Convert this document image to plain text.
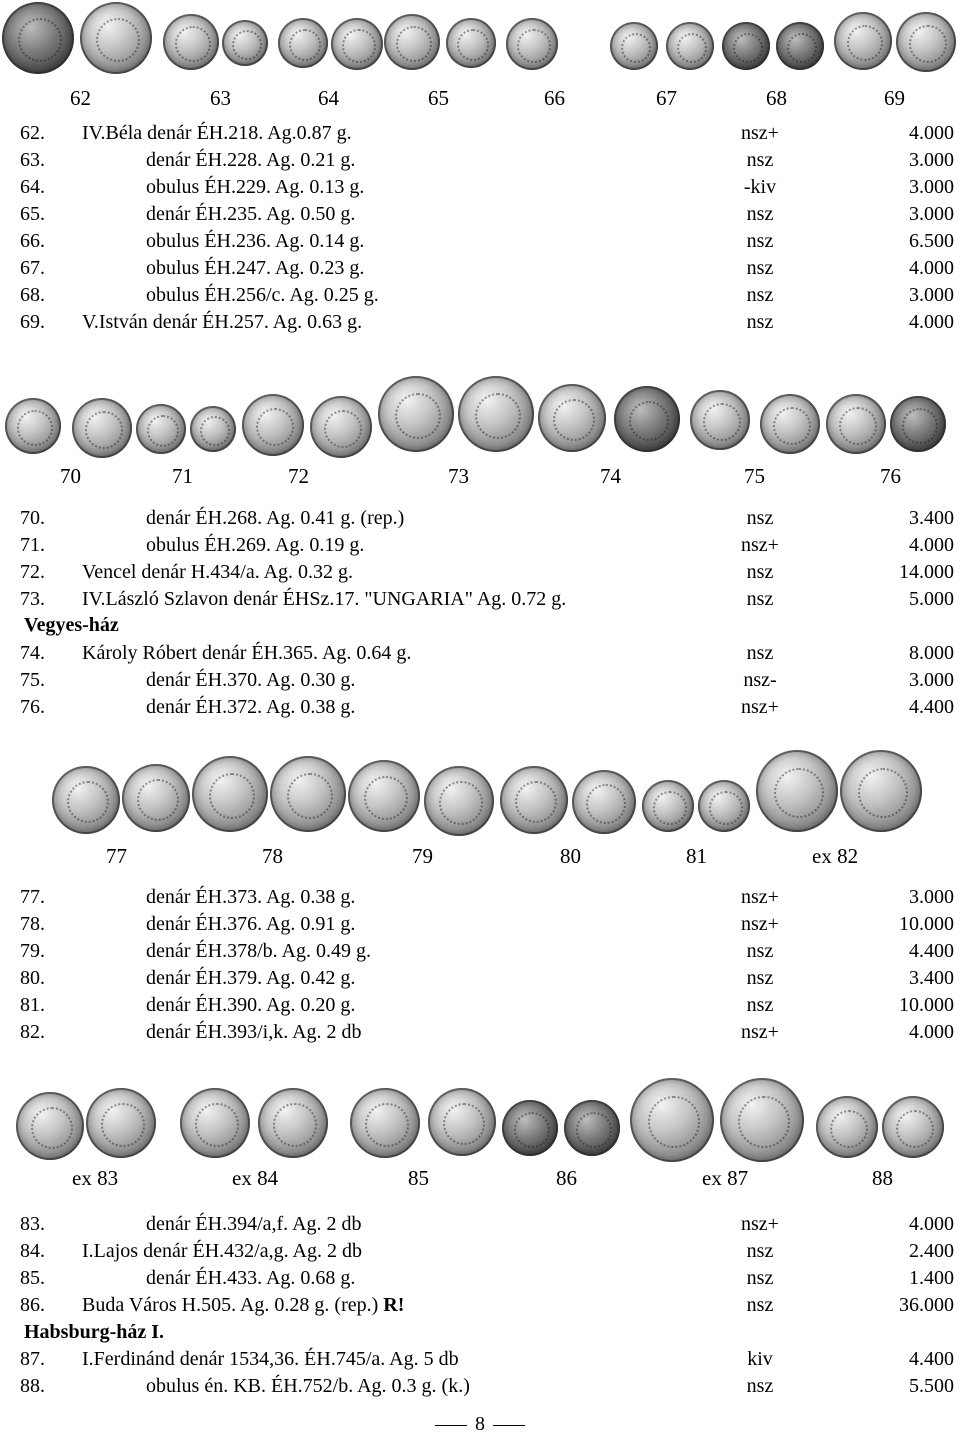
62	63	64	65	66	67	68	69
62. IV.Béla denár ÉH.218. Ag.0.87 g.	nsz+	4.000
63.	denár ÉH.228. Ag. 0.21 g.	nsz	3.000
64.	obulus ÉH.229. Ag. 0.13 g.	-kiv	3.000
65.	denár ÉH.235. Ag. 0.50 g.	nsz	3.000
66.	obulus ÉH.236. Ag. 0.14 g.	nsz	6.500
67.	obulus ÉH.247. Ag. 0.23 g.	nsz	4.000
68.	obulus ÉH.256/c. Ag. 0.25 g.	nsz	3.000
69. V.István denár ÉH.257. Ag. 0.63 g.	nsz	4.000
70	71	72	73	74	75	76
70.	denár ÉH.268. Ag. 0.41 g. (rep.)	nsz	3.400
71.	obulus ÉH.269. Ag. 0.19 g.	nsz+	4.000
72. Vencel denár H.434/a. Ag. 0.32 g.	nsz	14.000
73. IV.László Szlavon denár ÉHSz.17. "UNGARIA" Ag. 0.72 g.	nsz	5.000
Vegyes-ház
74. Károly Róbert denár ÉH.365. Ag. 0.64 g.	nsz	8.000
75.	denár ÉH.370. Ag. 0.30 g.	nsz-	3.000
76.	denár ÉH.372. Ag. 0.38 g.	nsz+	4.400
77	78	79	80	81	ex 82
77.	denár ÉH.373. Ag. 0.38 g.	nsz+	3.000
78.	denár ÉH.376. Ag. 0.91 g.	nsz+	10.000
79.	denár ÉH.378/b. Ag. 0.49 g.	nsz	4.400
80.	denár ÉH.379. Ag. 0.42 g.	nsz	3.400
81.	denár ÉH.390. Ag. 0.20 g.	nsz	10.000
82.	denár ÉH.393/i,k. Ag. 2 db	nsz+	4.000
ex 83	ex 84	85	86	ex 87	88
83.	denár ÉH.394/a,f. Ag. 2 db	nsz+	4.000
84. I.Lajos denár ÉH.432/a,g. Ag. 2 db	nsz	2.400
85.	denár ÉH.433. Ag. 0.68 g.	nsz	1.400
86. Buda Város H.505. Ag. 0.28 g. (rep.) R!	nsz	36.000
Habsburg-ház I.
87. I.Ferdinánd denár 1534,36. ÉH.745/a. Ag. 5 db	kiv	4.400
88.	obulus én. KB. ÉH.752/b. Ag. 0.3 g. (k.)	nsz	5.500
8
